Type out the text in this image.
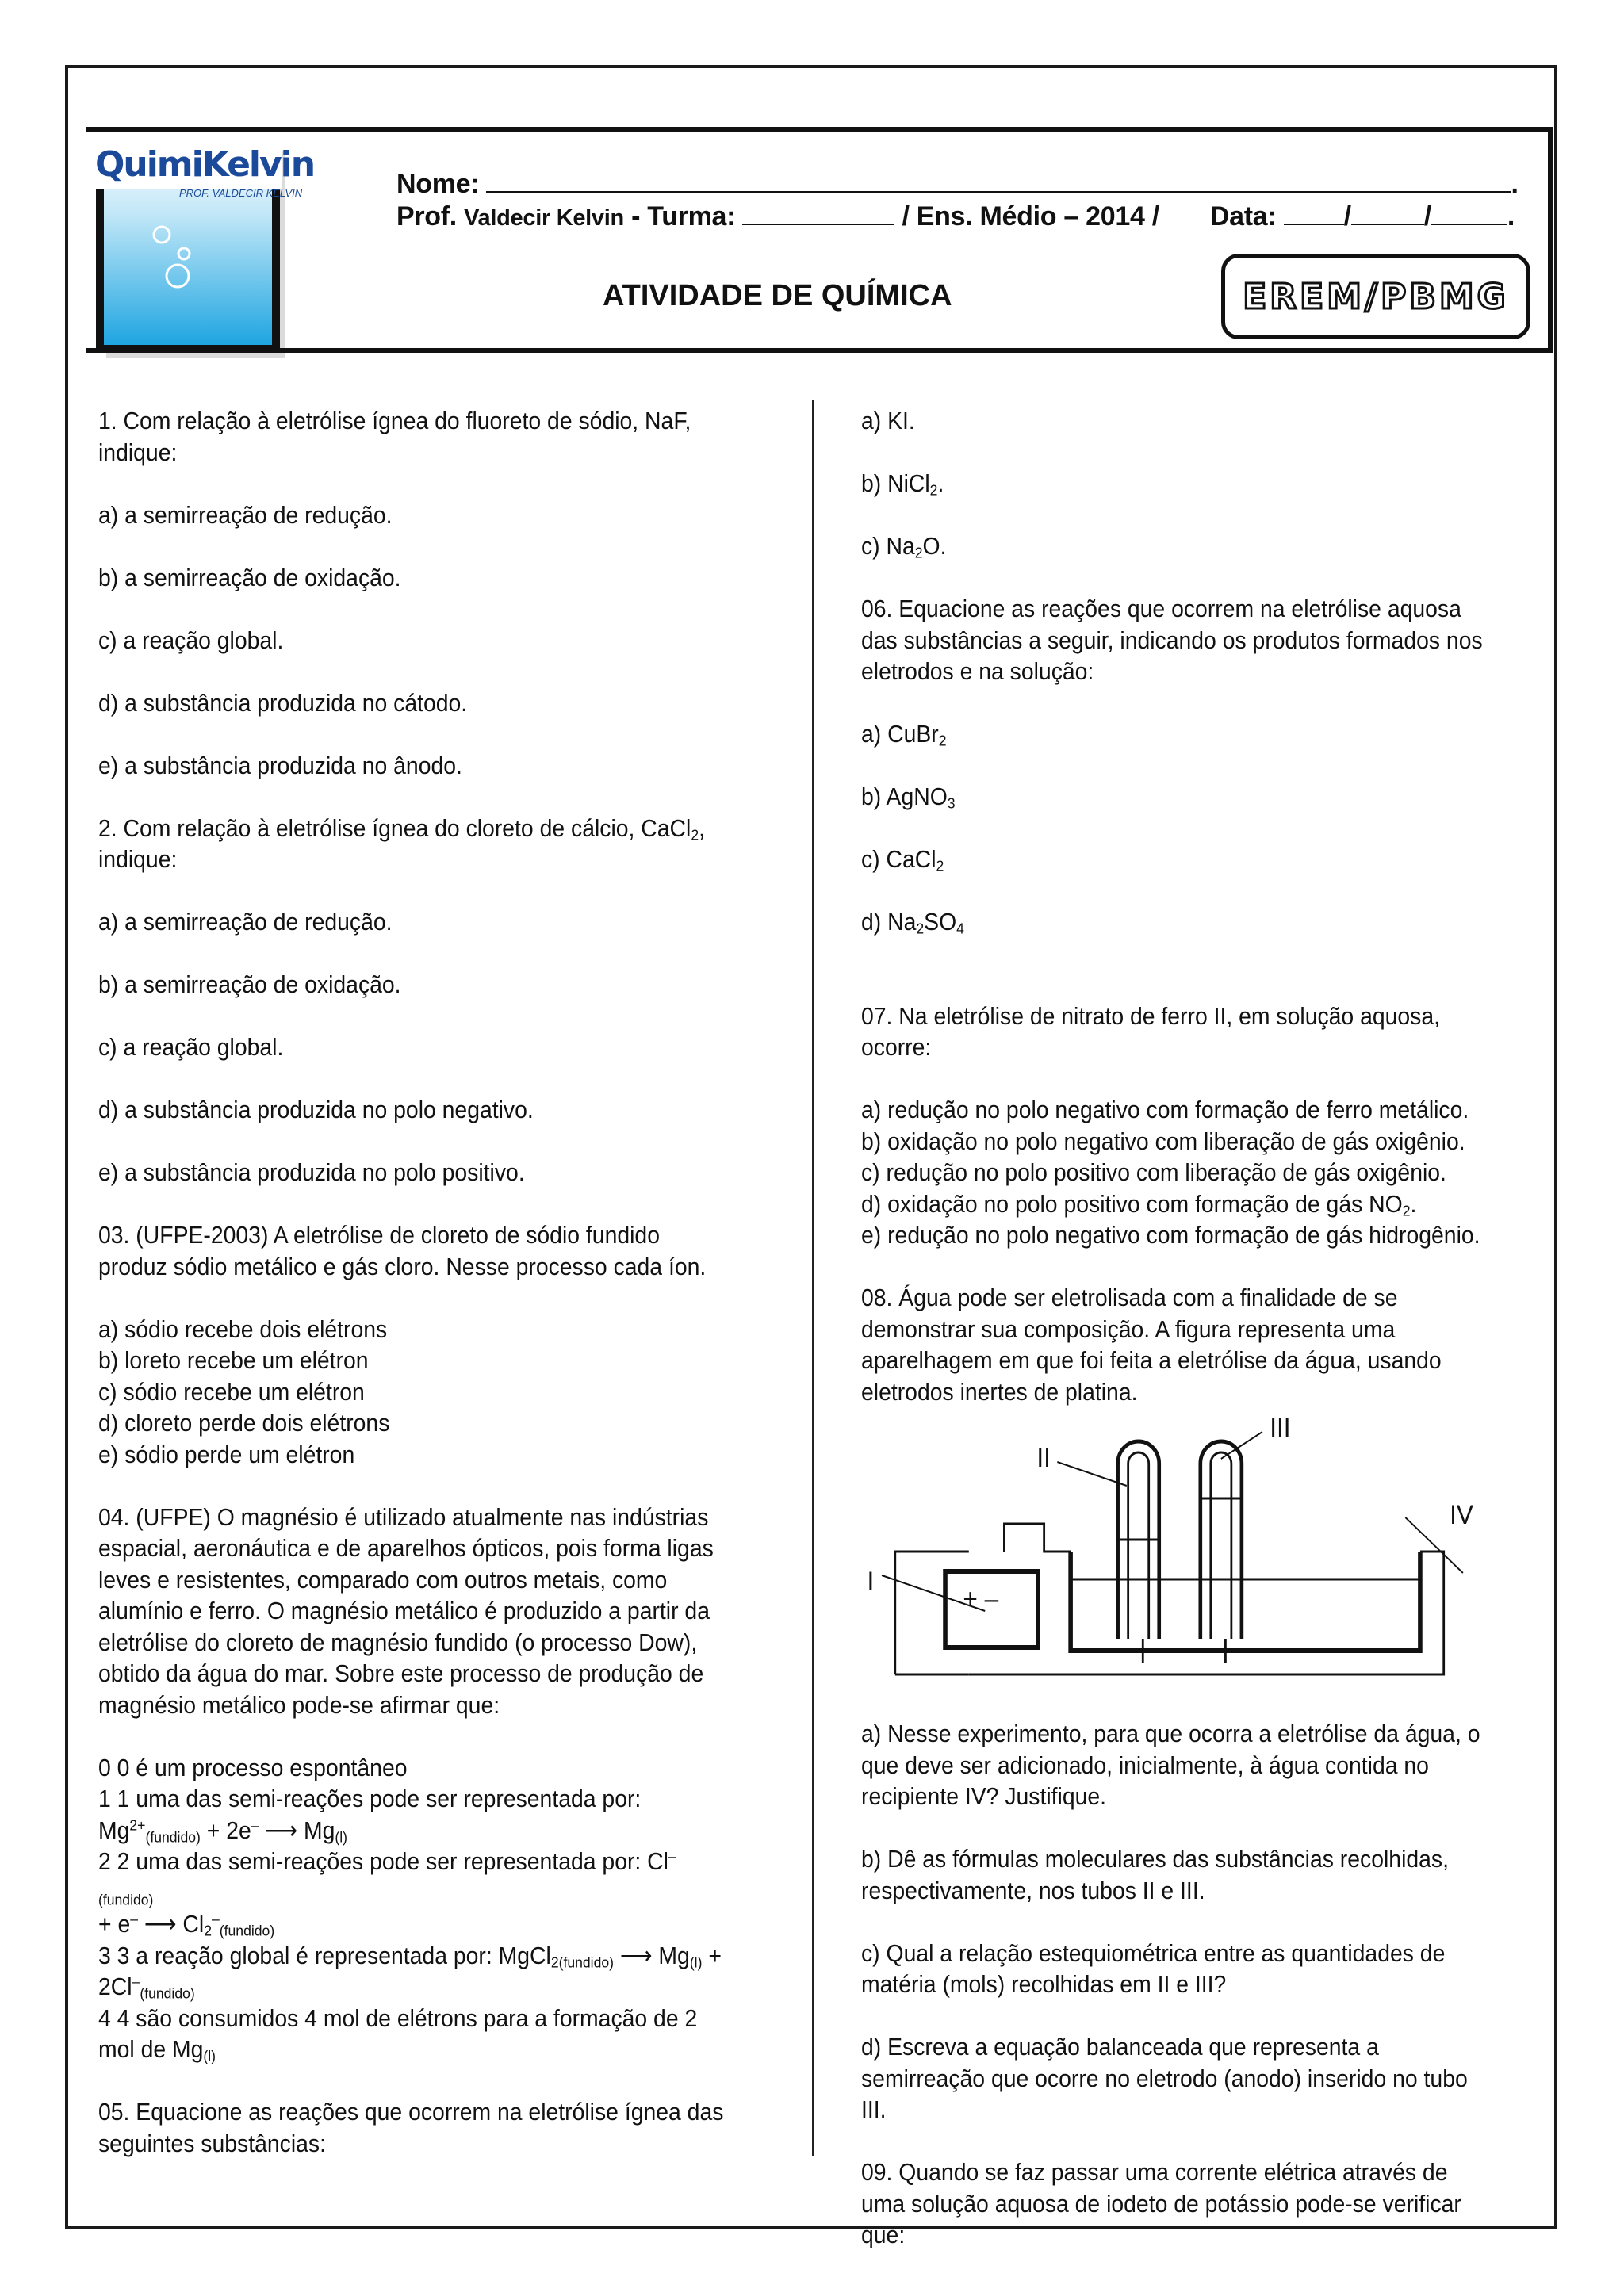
QuimiKelvin
PROF. VALDECIR KELVIN	Nome:	.
Prof. Valdecir Kelvin - Turma:	/ Ens. Médio – 2014 / Data:	/	/	.
ATIVIDADE DE QUÍMICA	EREM/PBMG

1. Com relação à eletrólise ígnea do fluoreto de sódio, NaF, indique:

a) a semirreação de redução.

b) a semirreação de oxidação.

c) a reação global.

d) a substância produzida no cátodo.

e) a substância produzida no ânodo.

2. Com relação à eletrólise ígnea do cloreto de cálcio, CaCl$_2$, indique:

a) a semirreação de redução.

b) a semirreação de oxidação.

c) a reação global.

d) a substância produzida no polo negativo.

e) a substância produzida no polo positivo.

03. (UFPE-2003) A eletrólise de cloreto de sódio fundido produz sódio metálico e gás cloro. Nesse processo cada íon.

a) sódio recebe dois elétrons

b) loreto recebe um elétron

c) sódio recebe um elétron

d) cloreto perde dois elétrons

e) sódio perde um elétron

04. (UFPE) O magnésio é utilizado atualmente nas indústrias espacial, aeronáutica e de aparelhos ópticos, pois forma ligas leves e resistentes, comparado com outros metais, como alumínio e ferro. O magnésio metálico é produzido a partir da eletrólise do cloreto de magnésio fundido (o processo Dow), obtido da água do mar. Sobre este processo de produção de magnésio metálico pode-se afirmar que:

0 0 é um processo espontâneo

1 1 uma das semi-reações pode ser representada por:

$Mg^{2+}_{(fundido)} + 2e^-$ ⟶ $Mg_{(l)}$

2 2 uma das semi-reações pode ser representada por: $Cl^-_{(fundido)}$
+ e– ⟶ $Cl_2^-_{(fundido)}$

3 3 a reação global é representada por: MgCl$_{2(fundido)}$ ⟶ $Mg_{(l)}$ +
$2Cl^-_{(fundido)}$

4 4 são consumidos 4 mol de elétrons para a formação de 2 mol de $Mg_{(l)}$

05. Equacione as reações que ocorrem na eletrólise ígnea das seguintes substâncias:

a) KI.

b) NiCl$_2$.

c) $Na_2O$.

06. Equacione as reações que ocorrem na eletrólise aquosa das substâncias a seguir, indicando os produtos formados nos eletrodos e na solução:

a) CuBr$_2$

b) AgNO$_3$

c) CaCl$_2$

d) $Na_2SO_4$

07. Na eletrólise de nitrato de ferro II, em solução aquosa, ocorre:

a) redução no polo negativo com formação de ferro metálico.

b) oxidação no polo negativo com liberação de gás oxigênio.

c) redução no polo positivo com liberação de gás oxigênio.

d) oxidação no polo positivo com formação de gás $NO_2$.

e) redução no polo negativo com formação de gás hidrogênio.

08. Água pode ser eletrolisada com a finalidade de se demonstrar sua composição. A figura representa uma aparelhagem em que foi feita a eletrólise da água, usando eletrodos inertes de platina.

+ –
I
II
III
IV

a) Nesse experimento, para que ocorra a eletrólise da água, o que deve ser adicionado, inicialmente, à água contida no recipiente IV? Justifique.

b) Dê as fórmulas moleculares das substâncias recolhidas, respectivamente, nos tubos II e III.

c) Qual a relação estequiométrica entre as quantidades de matéria (mols) recolhidas em II e III?

d) Escreva a equação balanceada que representa a semirreação que ocorre no eletrodo (anodo) inserido no tubo III.

09. Quando se faz passar uma corrente elétrica através de uma solução aquosa de iodeto de potássio pode-se verificar que:
